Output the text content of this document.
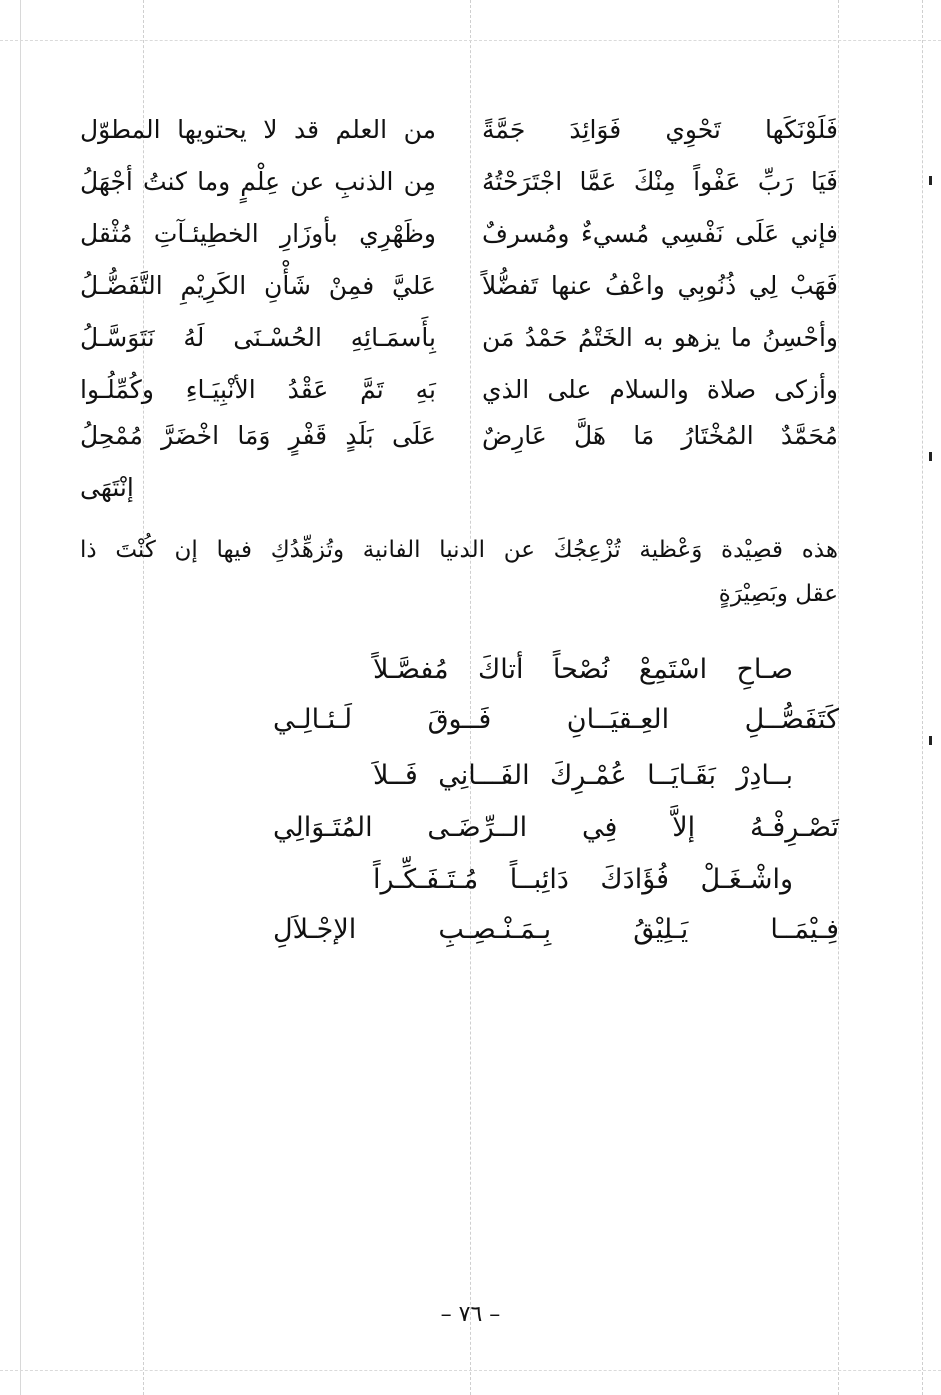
فَلَوْنَكَها تَحْوِي فَوَائِدَ جَمَّةً
من العلم قد لا يحتويها المطوّل
فَيَا رَبِّ عَفْواً مِنْكَ عَمَّا اجْتَرَحْتُهُ
مِن الذنبِ عن عِلْمٍ وما كنتُ أجْهَلُ
فإني عَلَى نَفْسِي مُسيءٌ ومُسرفٌ
وظَهْرِي بأوزَارِ الخطِيئـآتِ مُثْقل
فَهَبْ لِي ذُنُوبِي واعْفُ عنها تَفضُّلاً
عَليَّ فمِنْ شَأْنِ الكَرِيْمِ التَّفَضُّـلُ
وأحْسِنُ ما يزهو به الخَتْمُ حَمْدُ مَن
بِأَسمَـائِهِ الحُسْـنَى لَهُ نَتَوَسَّـلُ
وأزكى صلاة والسلام على الذي
بَهِ تَمَّ عَقْدُ الأنْبِيَـاءِ وكُمِّلُـوا
مُحَمَّدٌ المُخْتَارُ مَا هَلَّ عَارِضٌ
عَلَى بَلَدٍ قَفْرٍ وَمَا اخْضَرَّ مُمْحِلُ
إنْتَهَى
هذه قصِيْدة وَعْظية تُزْعِجُكَ عن الدنيا الفانية وتُزهِّدُكِ فيها إن كُنْتَ ذا
عقل وبَصِيْرَةٍ
صـاحِ اسْتَمِعْ نُصْحاً أتاكَ مُفصَّـلاً
كَتَفَصُّــلِ العِـقيَــانِ فَــوقَ لَـئـالِـي
بــادِرْ بَقَـايَــا عُمْـرِكَ الفَـــانِي فَــلاَ
تَصْـرِفْـهُ إلاَّ فِي الــرِّضَـى المُتَـوَالِي
واشْـغَـلْ فُؤَادَكَ دَائِبــاً مُـتَـفَـكِّـراً
فِـيْمَــا يَـلِيْقُ بِـمَـنْـصِـبِ الإجْـلاَلِ
– ٧٦ –
